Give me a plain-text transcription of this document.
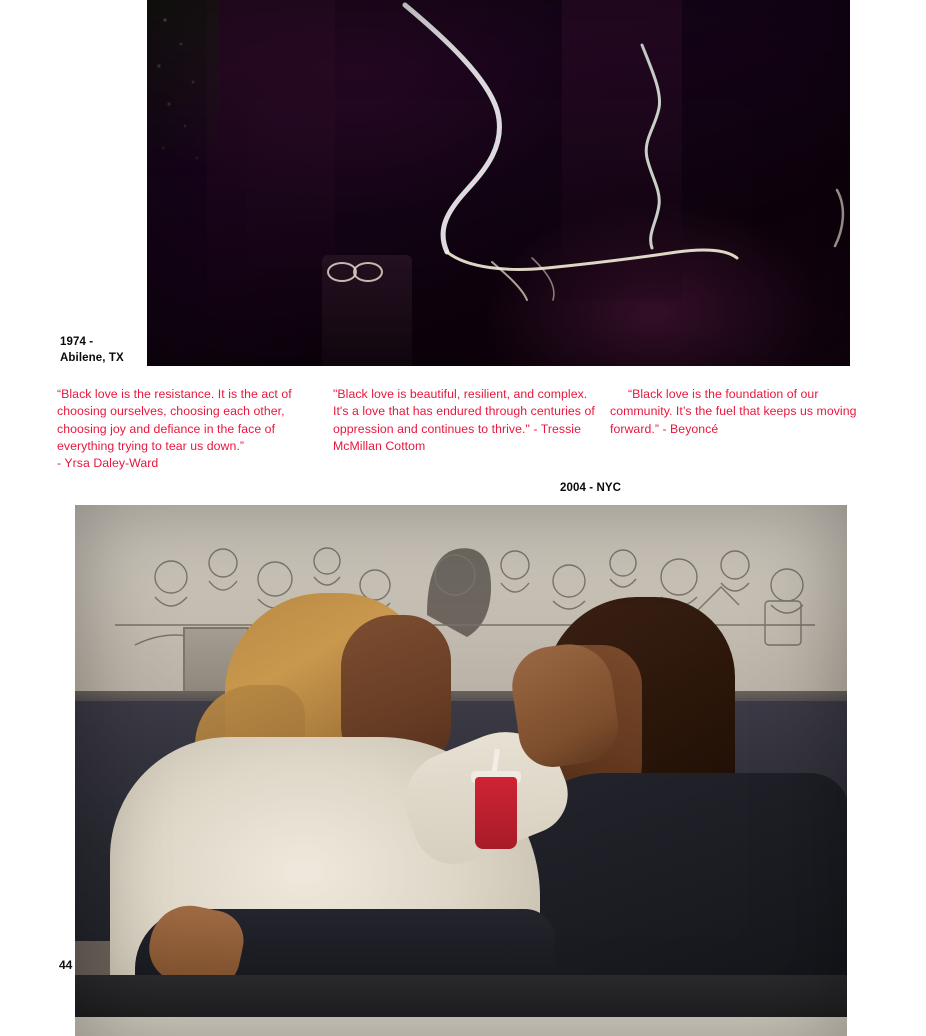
1974 -
Abilene, TX
“Black love is the resistance. It is the act of choosing ourselves, choosing each other, choosing joy and defiance in the face of everything trying to tear us down.”
- Yrsa Daley-Ward
"Black love is beautiful, resilient, and complex. It's a love that has endured through centuries of oppression and continues to thrive." - Tressie McMillan Cottom
“Black love is the foundation of our community. It’s the fuel that keeps us moving forward.” - Beyoncé
2004 - NYC
44
